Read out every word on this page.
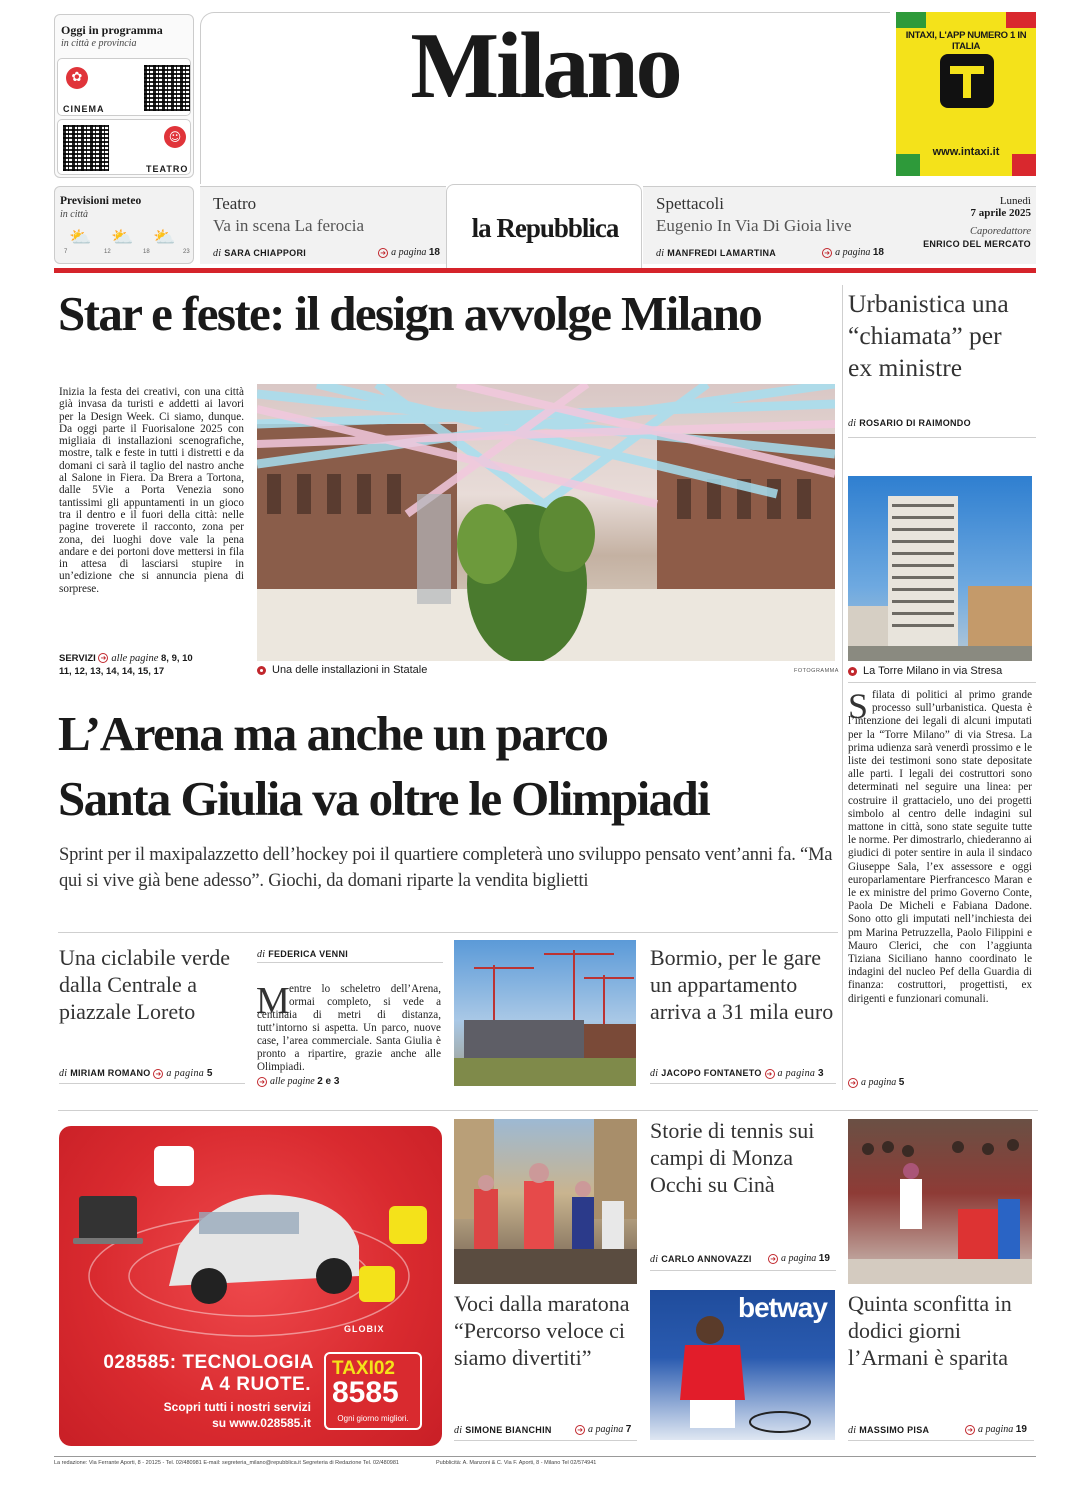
Oggi in programma
in città e provincia
✿
CINEMA
☺
TEATRO
Milano	INTAXI, L'APP NUMERO 1 IN ITALIA
www.intaxi.it
Previsioni meteo
in città
⛅ ⛅ ⛅
7	12	18	23
Teatro
Va in scena La ferocia
di SARA CHIAPPORI	➜ a pagina 18
la Repubblica
Spettacoli
Eugenio In Via Di Gioia live
di MANFREDI LAMARTINA	➜ a pagina 18
Lunedì
7 aprile 2025
Caporedattore
ENRICO DEL MERCATO
Star e feste: il design avvolge Milano
Inizia la festa dei creativi, con una città già invasa da turisti e addetti ai lavori per la Design Week. Ci siamo, dunque. Da oggi parte il Fuorisalone 2025 con migliaia di installazioni scenografiche, mostre, talk e feste in tutti i distretti e da domani ci sarà il taglio del nastro anche al Salone in Fiera. Da Brera a Tortona, dalle 5Vie a Porta Venezia sono tantissimi gli appuntamenti in un gioco tra il dentro e il fuori della città: nelle pagine troverete il racconto, zona per zona, dei luoghi dove vale la pena andare e dei portoni dove mettersi in fila in attesa di lasciarsi stupire in un’edizione che si annuncia piena di sorprese.
SERVIZI ➜ alle pagine 8, 9, 10
11, 12, 13, 14, 14, 15, 17	Una delle installazioni in Statale	FOTOGRAMMA
Urbanistica una “chiamata” per ex ministre
di ROSARIO DI RAIMONDO
La Torre Milano in via Stresa
S filata di politici al primo grande processo sull’urbanistica. Questa è l’intenzione dei legali di alcuni imputati per la “Torre Milano” di via Stresa. La prima udienza sarà venerdì prossimo e le liste dei testimoni sono state depositate alle parti. I legali dei costruttori sono determinati nel seguire una linea: per costruire il grattacielo, uno dei progetti simbolo al centro delle indagini sul mattone in città, sono state seguite tutte le norme. Per dimostrarlo, chiederanno ai giudici di poter sentire in aula il sindaco Giuseppe Sala, l’ex assessore e oggi europarlamentare Pierfrancesco Maran e le ex ministre del primo Governo Conte, Paola De Micheli e Fabiana Dadone. Sono otto gli imputati nell’inchiesta dei pm Marina Petruzzella, Paolo Filippini e Mauro Clerici, che con l’aggiunta Tiziana Siciliano hanno coordinato le indagini del nucleo Pef della Guardia di finanza: costruttori, progettisti, ex dirigenti e funzionari comunali.
➜ a pagina 5
L’Arena ma anche un parco
Santa Giulia va oltre le Olimpiadi
Sprint per il maxipalazzetto dell’hockey poi il quartiere completerà uno sviluppo pensato vent’anni fa. “Ma qui si vive già bene adesso”. Giochi, da domani riparte la vendita biglietti
Una ciclabile verde dalla Centrale a piazzale Loreto
di MIRIAM ROMANO ➜ a pagina 5
di FEDERICA VENNI
M entre lo scheletro dell’Arena, ormai completo, si vede a centinaia di metri di distanza, tutt’intorno si aspetta. Un parco, nuove case, l’area commerciale. Santa Giulia è pronto a ripartire, grazie anche alle Olimpiadi.
➜ alle pagine 2 e 3
Bormio, per le gare un appartamento arriva a 31 mila euro
di JACOPO FONTANETO ➜ a pagina 3
IRIS
GLOBIX
028585: TECNOLOGIA
A 4 RUOTE.
Scopri tutti i nostri servizi
su www.028585.it
TAXI02
8585
Ogni giorno migliori.
Voci dalla maratona “Percorso veloce ci siamo divertiti”
di SIMONE BIANCHIN	➜ a pagina 7
Storie di tennis sui campi di Monza Occhi su Cinà
di CARLO ANNOVAZZI	➜ a pagina 19
betway Quinta sconfitta in dodici giorni l’Armani è sparita
di MASSIMO PISA	➜ a pagina 19
La redazione: Via Ferrante Aporti, 8 - 20125 - Tel. 02/480981 E-mail: segreteria_milano@repubblica.it Segreteria di Redazione Tel. 02/480981	Pubblicità: A. Manzoni & C. Via F. Aporti, 8 - Milano Tel 02/574941
